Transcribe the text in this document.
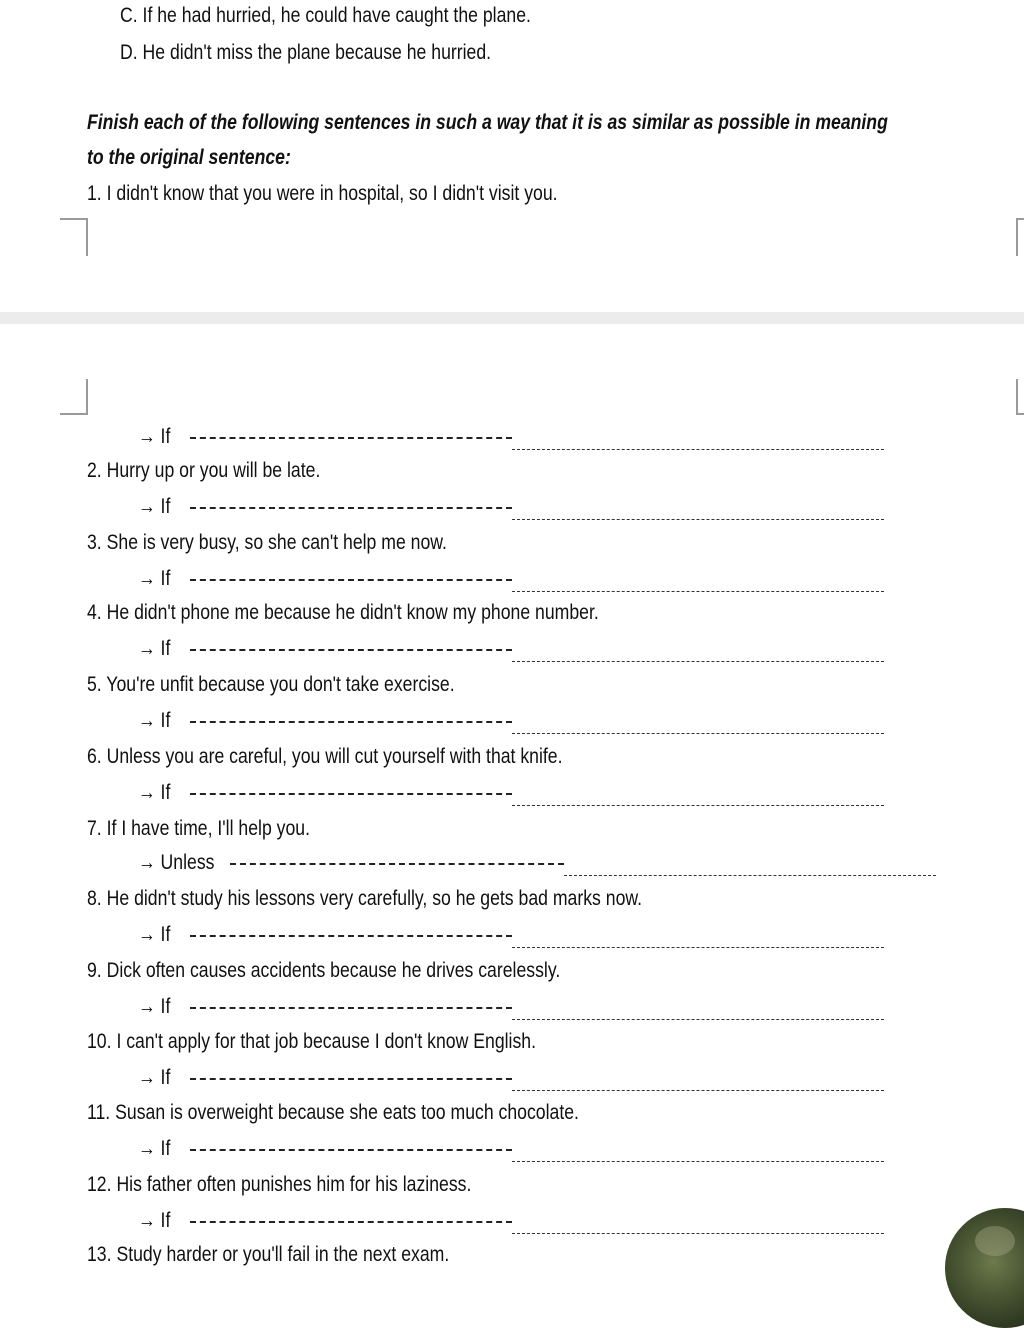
C. If he had hurried, he could have caught the plane.
D. He didn't miss the plane because he hurried.
Finish each of the following sentences in such a way that it is as similar as possible in meaning
to the original sentence:
1. I didn't know that you were in hospital, so I didn't visit you.
→ If
2. Hurry up or you will be late.
→ If
3. She is very busy, so she can't help me now.
→ If
4. He didn't phone me because he didn't know my phone number.
→ If
5. You're unfit because you don't take exercise.
→ If
6. Unless you are careful, you will cut yourself with that knife.
→ If
7. If I have time, I'll help you.
→ Unless
8. He didn't study his lessons very carefully, so he gets bad marks now.
→ If
9. Dick often causes accidents because he drives carelessly.
→ If
10. I can't apply for that job because I don't know English.
→ If
11. Susan is overweight because she eats too much chocolate.
→ If
12. His father often punishes him for his laziness.
→ If
13. Study harder or you'll fail in the next exam.
